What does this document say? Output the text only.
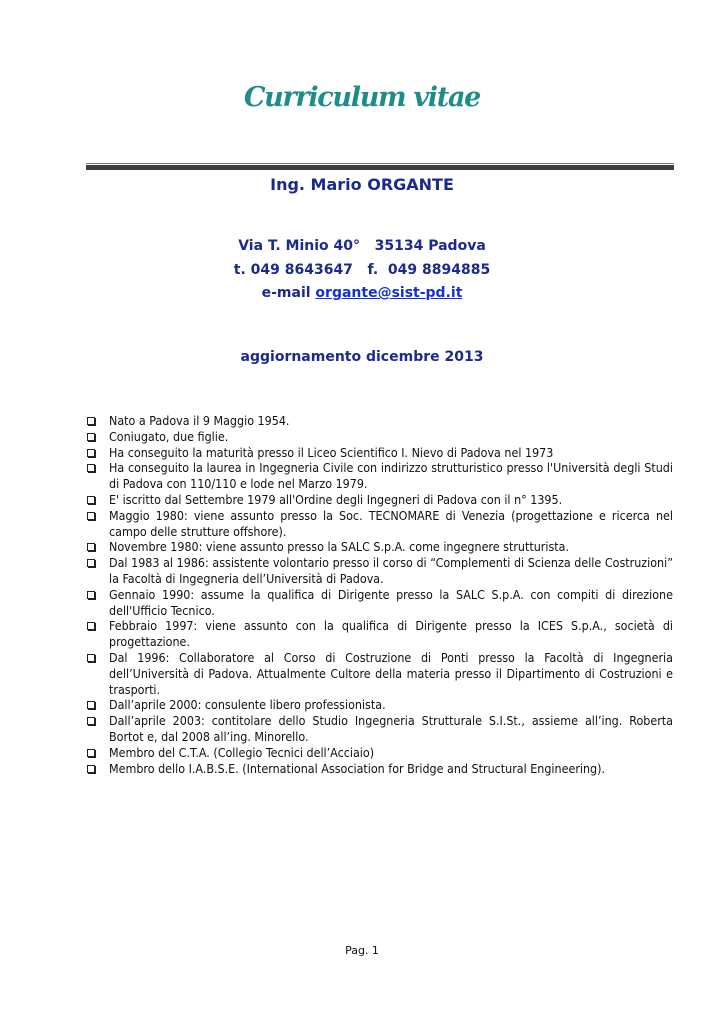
Curriculum vitae

Ing. Mario ORGANTE

Via T. Minio 40°   35134 Padova

t. 049 8643647   f.  049 8894885

e-mail organte@sist-pd.it

aggiornamento dicembre 2013

Nato a Padova il 9 Maggio 1954.
Coniugato, due figlie.
Ha conseguito la maturità presso il Liceo Scientifico I. Nievo di Padova nel 1973
Ha conseguito la laurea in Ingegneria Civile con indirizzo strutturistico presso l'Università degli Studi di Padova con 110/110 e lode nel Marzo 1979.
E' iscritto dal Settembre 1979 all'Ordine degli Ingegneri di Padova con il n° 1395.
Maggio 1980: viene assunto presso la Soc. TECNOMARE di Venezia (progettazione e ricerca nel campo delle strutture offshore).
Novembre 1980: viene assunto presso la SALC S.p.A. come ingegnere strutturista.
Dal 1983 al 1986: assistente volontario presso il corso di “Complementi di Scienza delle Costruzioni” la Facoltà di Ingegneria dell’Università di Padova.
Gennaio 1990: assume la qualifica di Dirigente presso la SALC S.p.A. con compiti di direzione dell'Ufficio Tecnico.
Febbraio 1997: viene assunto con la qualifica di Dirigente presso la ICES S.p.A., società di progettazione.
Dal 1996: Collaboratore al Corso di Costruzione di Ponti presso la Facoltà di Ingegneria dell’Università di Padova. Attualmente Cultore della materia presso il Dipartimento di Costruzioni e trasporti.
Dall’aprile 2000: consulente libero professionista.
Dall’aprile 2003: contitolare dello Studio Ingegneria Strutturale S.I.St., assieme all’ing. Roberta Bortot e, dal 2008 all’ing. Minorello.
Membro del C.T.A. (Collegio Tecnici dell’Acciaio)
Membro dello I.A.B.S.E. (International Association for Bridge and Structural Engineering).

Pag. 1
